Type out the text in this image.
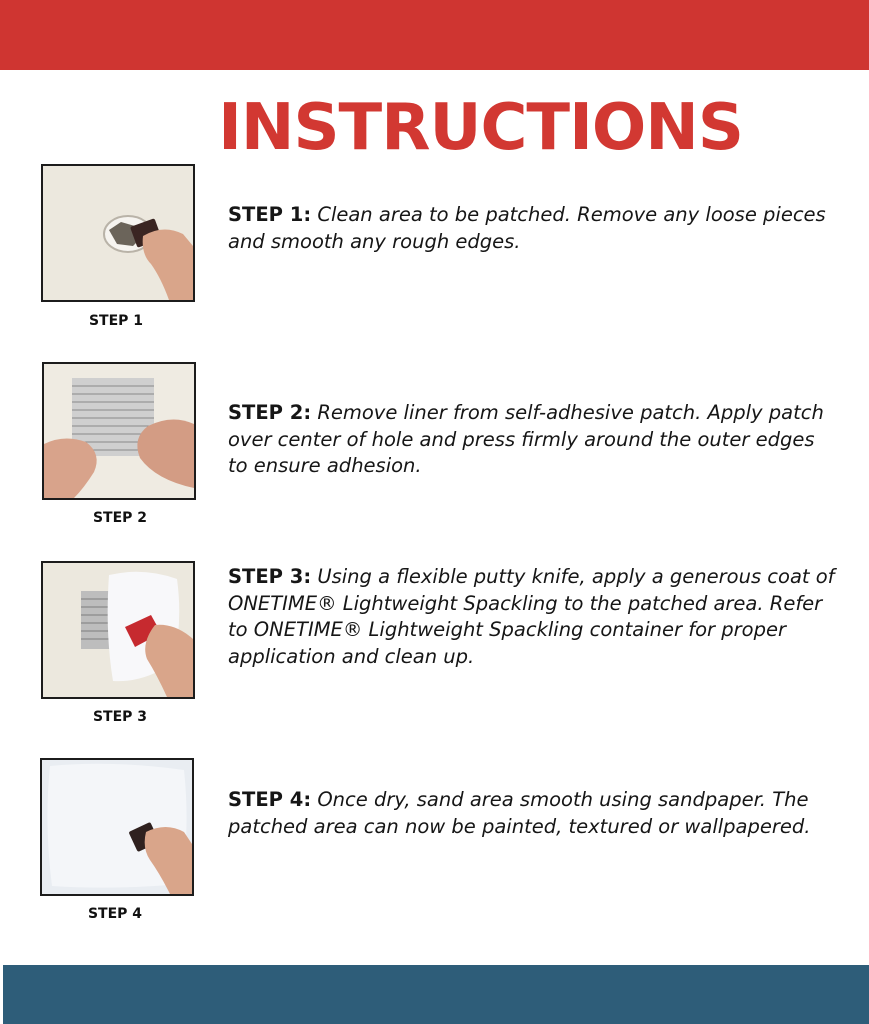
INSTRUCTIONS
STEP 1
STEP 1: Clean area to be patched. Remove any loose pieces and smooth any rough edges.
STEP 2
STEP 2: Remove liner from self-adhesive patch. Apply patch over center of hole and press firmly around the outer edges to ensure adhesion.
STEP 3
STEP 3: Using a flexible putty knife, apply a generous coat of ONETIME® Lightweight Spackling to the patched area. Refer to ONETIME® Lightweight Spackling container for proper application and clean up.
STEP 4
STEP 4: Once dry, sand area smooth using sandpaper. The patched area can now be painted, textured or wallpapered.
